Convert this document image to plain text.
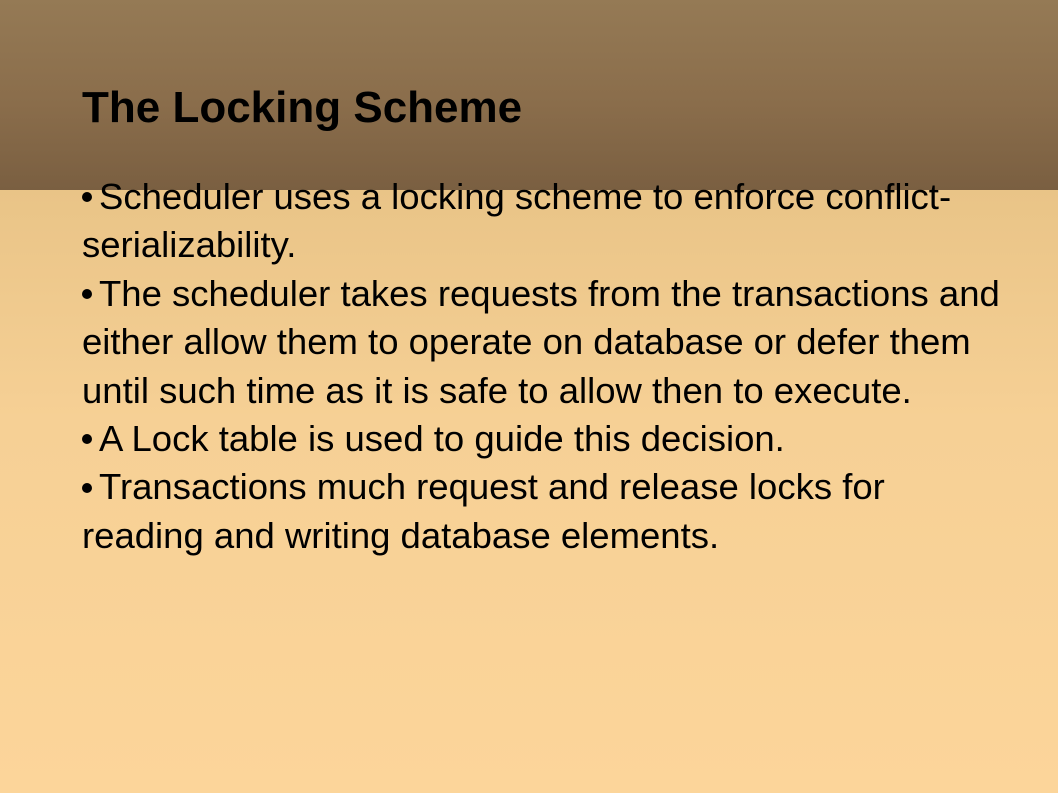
The Locking Scheme
Scheduler uses a locking scheme to enforce conflict-serializability.
The scheduler takes requests from the transactions and either allow them to operate on database or defer them until such time as it is safe to allow then to execute.
A Lock table is used to guide this decision.
Transactions much request and release locks for reading and writing database elements.
